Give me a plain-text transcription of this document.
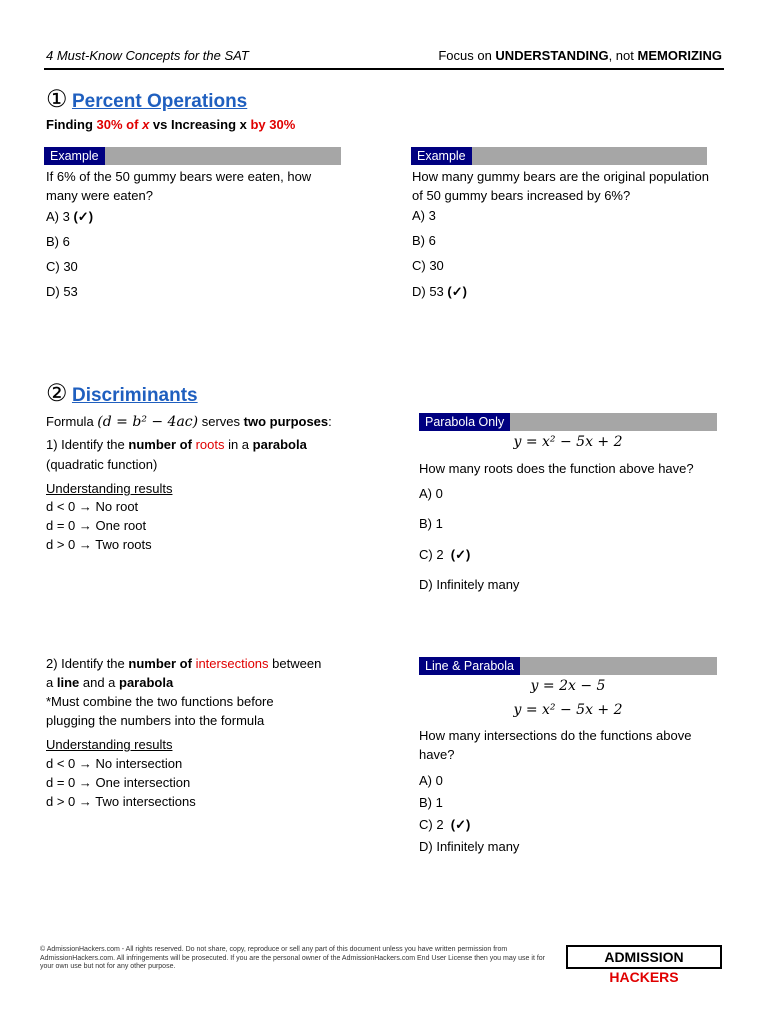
4 Must-Know Concepts for the SAT	Focus on UNDERSTANDING, not MEMORIZING
① Percent Operations
Finding 30% of x vs Increasing x by 30%
Example
If 6% of the 50 gummy bears were eaten, how many were eaten?
A) 3 (✓)
B) 6
C) 30
D) 53
Example
How many gummy bears are the original population of 50 gummy bears increased by 6%?
A) 3
B) 6
C) 30
D) 53 (✓)
② Discriminants
Formula (d = b² − 4ac) serves two purposes:
1) Identify the number of roots in a parabola
(quadratic function)
Understanding results
d < 0 → No root
d = 0 → One root
d > 0 → Two roots
Parabola Only
y = x² − 5x + 2
How many roots does the function above have?
A) 0
B) 1
C) 2 (✓)
D) Infinitely many
2) Identify the number of intersections between
a line and a parabola
*Must combine the two functions before
plugging the numbers into the formula
Understanding results
d < 0 → No intersection
d = 0 → One intersection
d > 0 → Two intersections
Line & Parabola
y = 2x − 5
y = x² − 5x + 2
How many intersections do the functions above have?
A) 0
B) 1
C) 2 (✓)
D) Infinitely many
© AdmissionHackers.com - All rights reserved. Do not share, copy, reproduce or sell any part of this document unless you have written permission from AdmissionHackers.com. All infringements will be prosecuted. If you are the personal owner of the AdmissionHackers.com End User License then you may use it for your own use but not for any other purpose.
ADMISSION HACKERS
